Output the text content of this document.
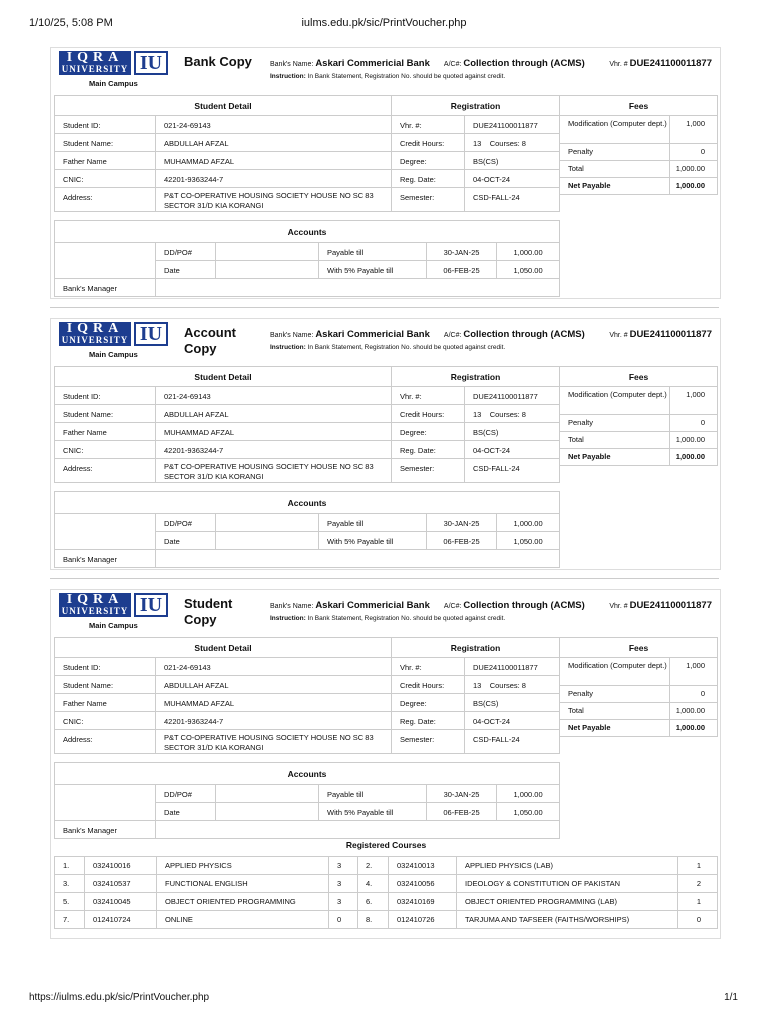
1/10/25, 5:08 PM	iulms.edu.pk/sic/PrintVoucher.php
IQRA
UNIVERSITY IU
Main Campus
Bank Copy	Bank's Name: Askari Commericial Bank A/C#: Collection through (ACMS)
Instruction: In Bank Statement, Registration No. should be quoted against credit.
Vhr. # DUE241100011877
Student Detail		Registration	
Student ID:	021-24-69143	Vhr. #:	DUE241100011877
Student Name:	ABDULLAH AFZAL	Credit Hours:	13 Courses: 8
Father Name	MUHAMMAD AFZAL	Degree:	BS(CS)
CNIC:	42201-9363244-7	Reg. Date:	04-OCT-24
Address:	P&T CO-OPERATIVE HOUSING SOCIETY HOUSE NO SC 83 SECTOR 31/D KIA KORANGI	Semester:	CSD-FALL-24
Fees	
Modification (Computer dept.)	1,000
Penalty	0
Total	1,000.00
Net Payable	1,000.00
Accounts					
	DD/PO#		Payable till	30-JAN-25	1,000.00
	Date		With 5% Payable till	06-FEB-25	1,050.00
Bank's Manager					
IQRA
UNIVERSITY IU
Main Campus
Account Copy
Bank's Name: Askari Commericial Bank A/C#: Collection through (ACMS)
Instruction: In Bank Statement, Registration No. should be quoted against credit.
Vhr. # DUE241100011877
Student Detail		Registration	
Student ID:	021-24-69143	Vhr. #:	DUE241100011877
Student Name:	ABDULLAH AFZAL	Credit Hours:	13 Courses: 8
Father Name	MUHAMMAD AFZAL	Degree:	BS(CS)
CNIC:	42201-9363244-7	Reg. Date:	04-OCT-24
Address:	P&T CO-OPERATIVE HOUSING SOCIETY HOUSE NO SC 83 SECTOR 31/D KIA KORANGI	Semester:	CSD-FALL-24
Fees	
Modification (Computer dept.)	1,000
Penalty	0
Total	1,000.00
Net Payable	1,000.00
Accounts					
	DD/PO#		Payable till	30-JAN-25	1,000.00
	Date		With 5% Payable till	06-FEB-25	1,050.00
Bank's Manager					
IQRA
UNIVERSITY IU
Main Campus
Student Copy
Bank's Name: Askari Commericial Bank A/C#: Collection through (ACMS)
Instruction: In Bank Statement, Registration No. should be quoted against credit.
Vhr. # DUE241100011877
Student Detail		Registration	
Student ID:	021-24-69143	Vhr. #:	DUE241100011877
Student Name:	ABDULLAH AFZAL	Credit Hours:	13 Courses: 8
Father Name	MUHAMMAD AFZAL	Degree:	BS(CS)
CNIC:	42201-9363244-7	Reg. Date:	04-OCT-24
Address:	P&T CO-OPERATIVE HOUSING SOCIETY HOUSE NO SC 83 SECTOR 31/D KIA KORANGI	Semester:	CSD-FALL-24
Fees	
Modification (Computer dept.)	1,000
Penalty	0
Total	1,000.00
Net Payable	1,000.00
Accounts					
	DD/PO#		Payable till	30-JAN-25	1,000.00
	Date		With 5% Payable till	06-FEB-25	1,050.00
Bank's Manager					
Registered Courses							
1.	032410016	APPLIED PHYSICS	3	2.	032410013	APPLIED PHYSICS (LAB)	1
3.	032410537	FUNCTIONAL ENGLISH	3	4.	032410056	IDEOLOGY & CONSTITUTION OF PAKISTAN	2
5.	032410045	OBJECT ORIENTED PROGRAMMING	3	6.	032410169	OBJECT ORIENTED PROGRAMMING (LAB)	1
7.	012410724	ONLINE	0	8.	012410726	TARJUMA AND TAFSEER (FAITHS/WORSHIPS)	0
https://iulms.edu.pk/sic/PrintVoucher.php	1/1
